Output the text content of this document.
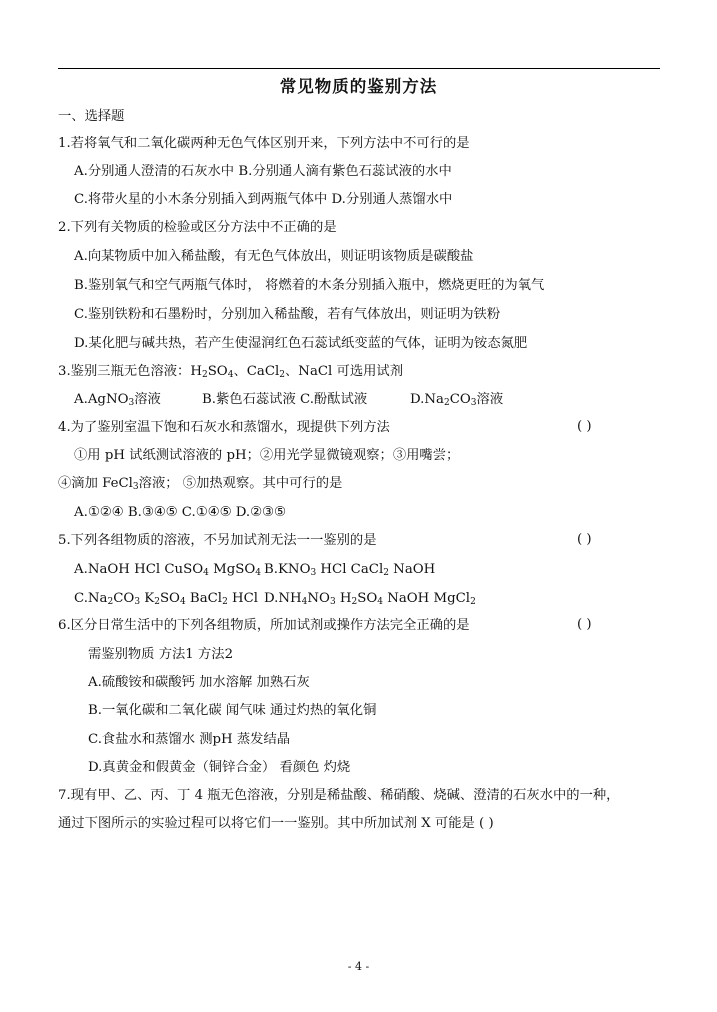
常见物质的鉴别方法
一、选择题
1.若将氧气和二氧化碳两种无色气体区别开来，下列方法中不可行的是
A.分别通人澄清的石灰水中 B.分别通人滴有紫色石蕊试液的水中
C.将带火星的小木条分别插入到两瓶气体中 D.分别通人蒸馏水中
2.下列有关物质的检验或区分方法中不正确的是
A.向某物质中加入稀盐酸，有无色气体放出，则证明该物质是碳酸盐
B.鉴别氧气和空气两瓶气体时， 将燃着的木条分别插入瓶中，燃烧更旺的为氧气
C.鉴别铁粉和石墨粉时，分别加入稀盐酸，若有气体放出，则证明为铁粉
D.某化肥与碱共热，若产生使湿润红色石蕊试纸变蓝的气体，证明为铵态氮肥
3.鉴别三瓶无色溶液：$H_2SO_4$、CaCl$_2$、NaCl 可选用试剂
A.AgNO$_3$溶液	B.紫色石蕊试液 C.酚酞试液	$D.Na_2CO_3$溶液
4.为了鉴别室温下饱和石灰水和蒸馏水，现提供下列方法	( )
①用 pH 试纸测试溶液的 pH；②用光学显微镜观察；③用嘴尝；
④滴加 FeCl$_3$溶液； ⑤加热观察。其中可行的是
A.①②④ B.③④⑤ C.①④⑤ D.②③⑤
5.下列各组物质的溶液，不另加试剂无法一一鉴别的是	( )
A.NaOH HCl CuSO$_4$ MgSO$_4$ $B.KNO_3$ HCl CaCl$_2$ NaOH
$C.Na_2CO_3$ $K_2SO_4$ BaCl$_2$ HCl $D.NH_4NO_3$ $H_2SO_4$ NaOH MgCl$_2$
6.区分日常生活中的下列各组物质，所加试剂或操作方法完全正确的是	( )
需鉴别物质 方法1 方法2
A.硫酸铵和碳酸钙 加水溶解 加熟石灰
B.一氧化碳和二氧化碳 闻气味 通过灼热的氧化铜
C.食盐水和蒸馏水 测pH 蒸发结晶
D.真黄金和假黄金（铜锌合金） 看颜色 灼烧
7.现有甲、乙、丙、丁 4 瓶无色溶液，分别是稀盐酸、稀硝酸、烧碱、澄清的石灰水中的一种，
通过下图所示的实验过程可以将它们一一鉴别。其中所加试剂 X 可能是 ( )
- 4 -
